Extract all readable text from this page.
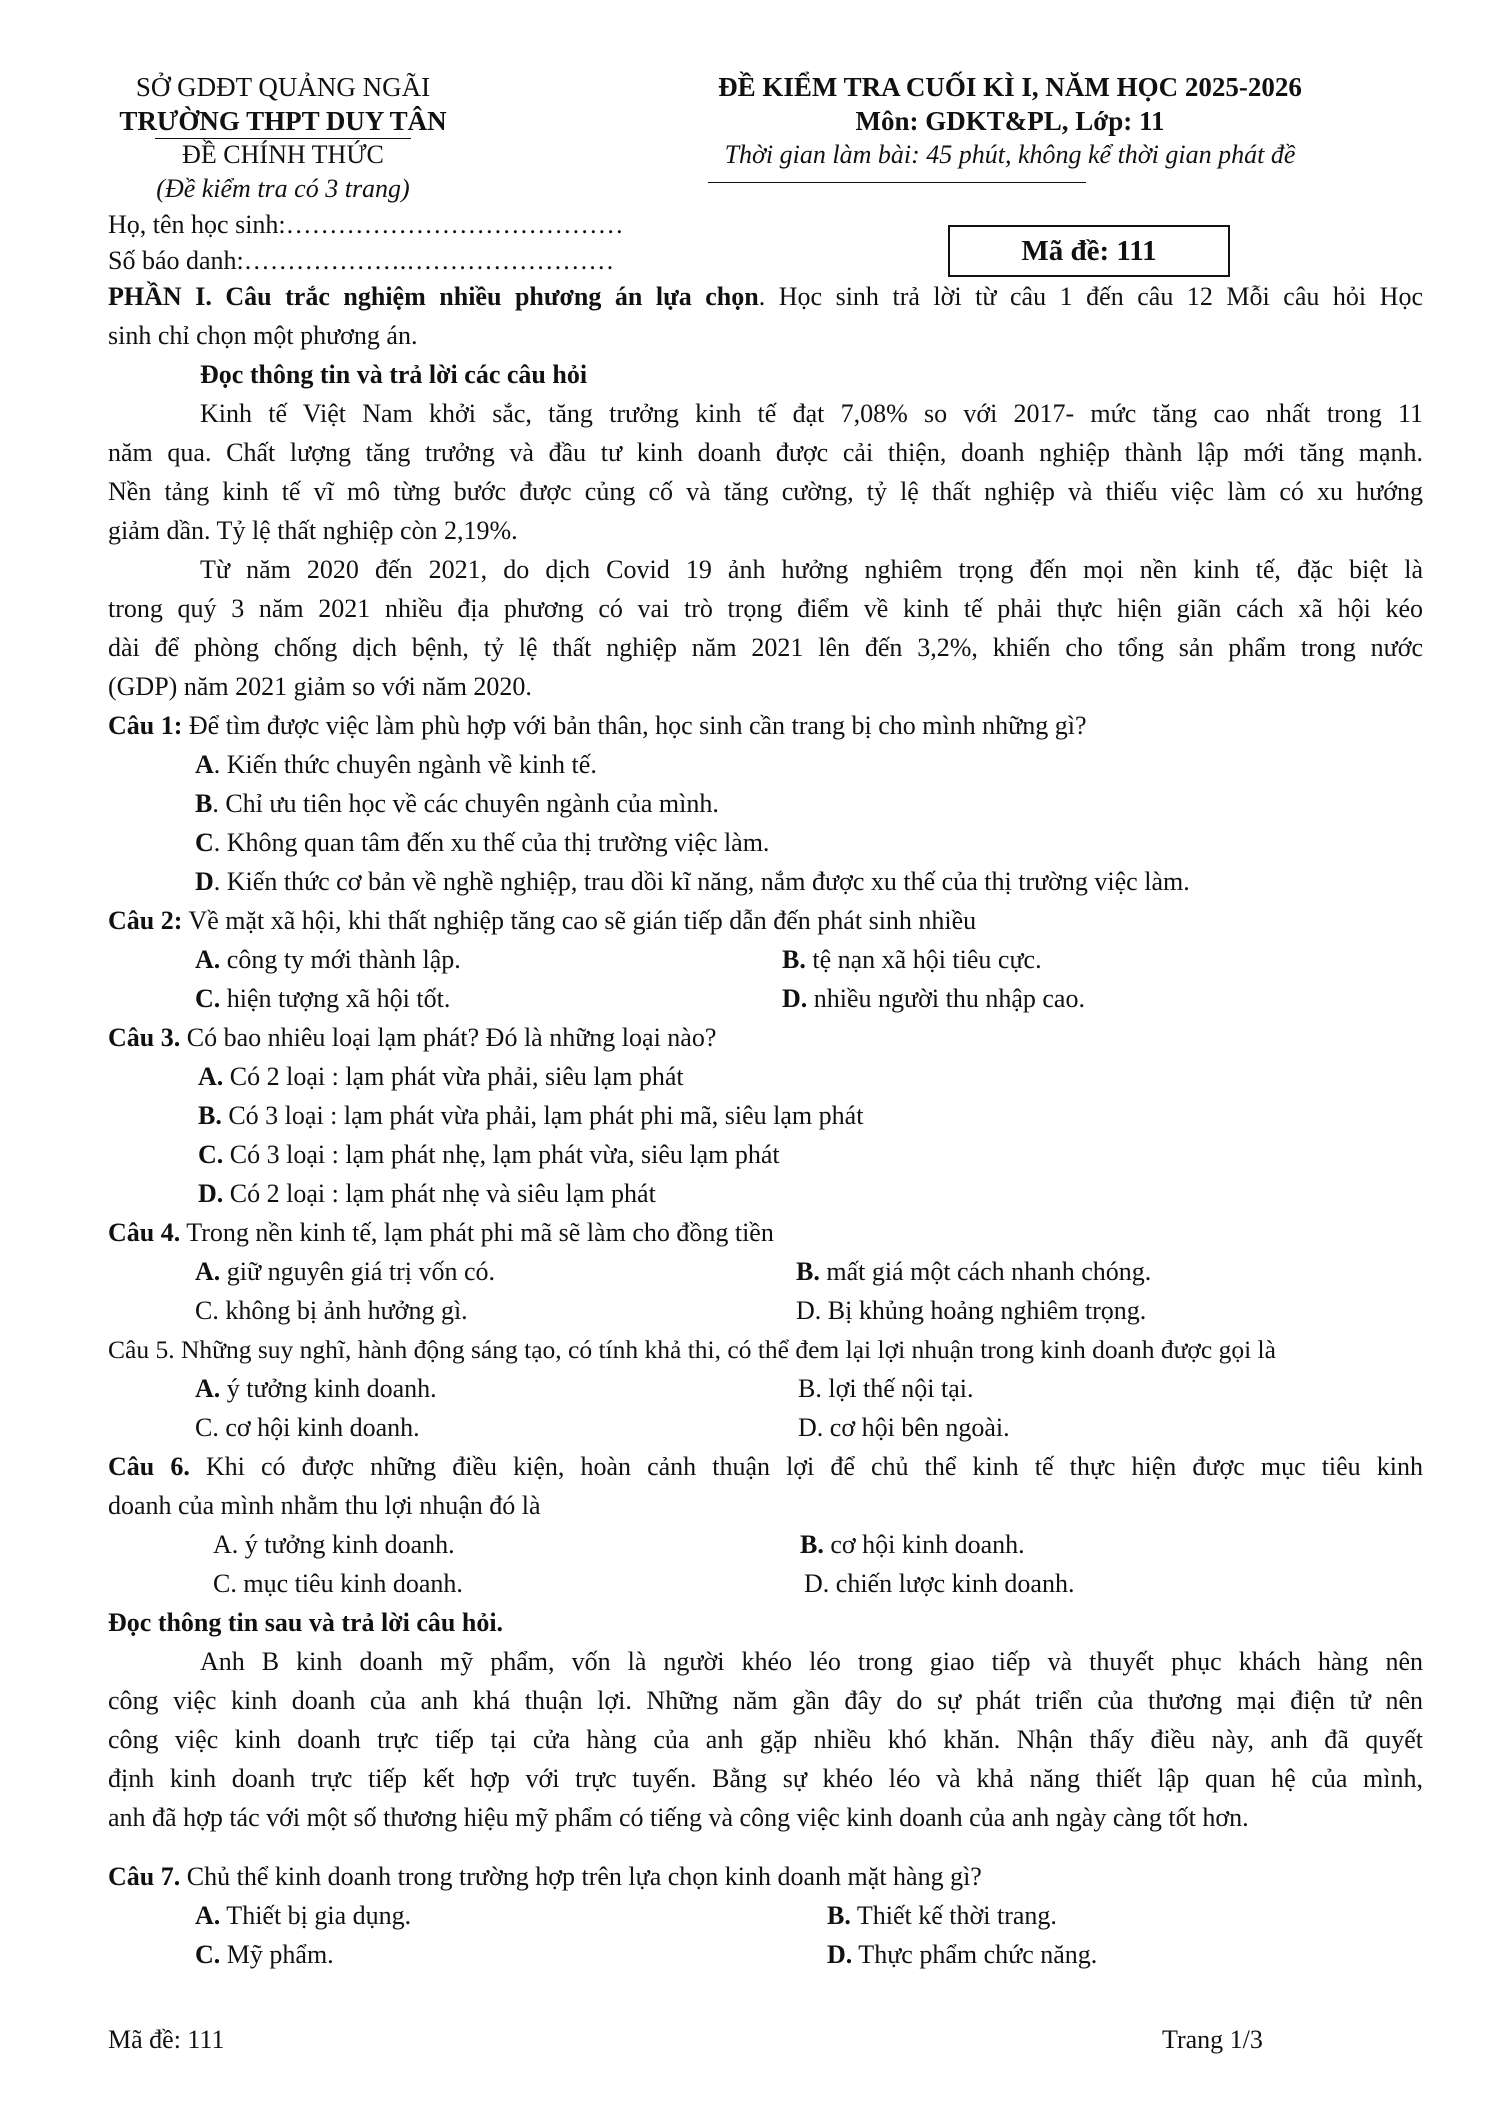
SỞ GDĐT QUẢNG NGÃI
TRƯỜNG THPT DUY TÂN
ĐỀ CHÍNH THỨC
(Đề kiểm tra có 3 trang)
ĐỀ KIỂM TRA CUỐI KÌ I, NĂM HỌC 2025-2026
Môn: GDKT&PL, Lớp: 11
Thời gian làm bài: 45 phút, không kể thời gian phát đề
Họ, tên học sinh:…………………………………
Số báo danh:……………….……………………	Mã đề: 111
PHẦN I. Câu trắc nghiệm nhiều phương án lựa chọn. Học sinh trả lời từ câu 1 đến câu 12 Mỗi câu hỏi Học
sinh chỉ chọn một phương án.
Đọc thông tin và trả lời các câu hỏi
Kinh tế Việt Nam khởi sắc, tăng trưởng kinh tế đạt 7,08% so với 2017- mức tăng cao nhất trong 11
năm qua. Chất lượng tăng trưởng và đầu tư kinh doanh được cải thiện, doanh nghiệp thành lập mới tăng mạnh.
Nền tảng kinh tế vĩ mô từng bước được củng cố và tăng cường, tỷ lệ thất nghiệp và thiếu việc làm có xu hướng
giảm dần. Tỷ lệ thất nghiệp còn 2,19%.
Từ năm 2020 đến 2021, do dịch Covid 19 ảnh hưởng nghiêm trọng đến mọi nền kinh tế, đặc biệt là
trong quý 3 năm 2021 nhiều địa phương có vai trò trọng điểm về kinh tế phải thực hiện giãn cách xã hội kéo
dài để phòng chống dịch bệnh, tỷ lệ thất nghiệp năm 2021 lên đến 3,2%, khiến cho tổng sản phẩm trong nước
(GDP) năm 2021 giảm so với năm 2020.
Câu 1: Để tìm được việc làm phù hợp với bản thân, học sinh cần trang bị cho mình những gì?
A. Kiến thức chuyên ngành về kinh tế.
B. Chỉ ưu tiên học về các chuyên ngành của mình.
C. Không quan tâm đến xu thế của thị trường việc làm.
D. Kiến thức cơ bản về nghề nghiệp, trau dồi kĩ năng, nắm được xu thế của thị trường việc làm.
Câu 2: Về mặt xã hội, khi thất nghiệp tăng cao sẽ gián tiếp dẫn đến phát sinh nhiều
A. công ty mới thành lập.	B. tệ nạn xã hội tiêu cực.
C. hiện tượng xã hội tốt.	D. nhiều người thu nhập cao.
Câu 3. Có bao nhiêu loại lạm phát? Đó là những loại nào?
A. Có 2 loại : lạm phát vừa phải, siêu lạm phát
B. Có 3 loại : lạm phát vừa phải, lạm phát phi mã, siêu lạm phát
C. Có 3 loại : lạm phát nhẹ, lạm phát vừa, siêu lạm phát
D. Có 2 loại : lạm phát nhẹ và siêu lạm phát
Câu 4. Trong nền kinh tế, lạm phát phi mã sẽ làm cho đồng tiền
A. giữ nguyên giá trị vốn có.	B. mất giá một cách nhanh chóng.
C. không bị ảnh hưởng gì.	D. Bị khủng hoảng nghiêm trọng.
Câu 5. Những suy nghĩ, hành động sáng tạo, có tính khả thi, có thể đem lại lợi nhuận trong kinh doanh được gọi là
A. ý tưởng kinh doanh.	B. lợi thế nội tại.
C. cơ hội kinh doanh.	D. cơ hội bên ngoài.
Câu 6. Khi có được những điều kiện, hoàn cảnh thuận lợi để chủ thể kinh tế thực hiện được mục tiêu kinh
doanh của mình nhằm thu lợi nhuận đó là
A. ý tưởng kinh doanh.	B. cơ hội kinh doanh.
C. mục tiêu kinh doanh.	D. chiến lược kinh doanh.
Đọc thông tin sau và trả lời câu hỏi.
Anh B kinh doanh mỹ phẩm, vốn là người khéo léo trong giao tiếp và thuyết phục khách hàng nên
công việc kinh doanh của anh khá thuận lợi. Những năm gần đây do sự phát triển của thương mại điện tử nên
công việc kinh doanh trực tiếp tại cửa hàng của anh gặp nhiều khó khăn. Nhận thấy điều này, anh đã quyết
định kinh doanh trực tiếp kết hợp với trực tuyến. Bằng sự khéo léo và khả năng thiết lập quan hệ của mình,
anh đã hợp tác với một số thương hiệu mỹ phẩm có tiếng và công việc kinh doanh của anh ngày càng tốt hơn.
Câu 7. Chủ thể kinh doanh trong trường hợp trên lựa chọn kinh doanh mặt hàng gì?
A. Thiết bị gia dụng.	B. Thiết kế thời trang.
C. Mỹ phẩm.	D. Thực phẩm chức năng.
Mã đề: 111	Trang 1/3
